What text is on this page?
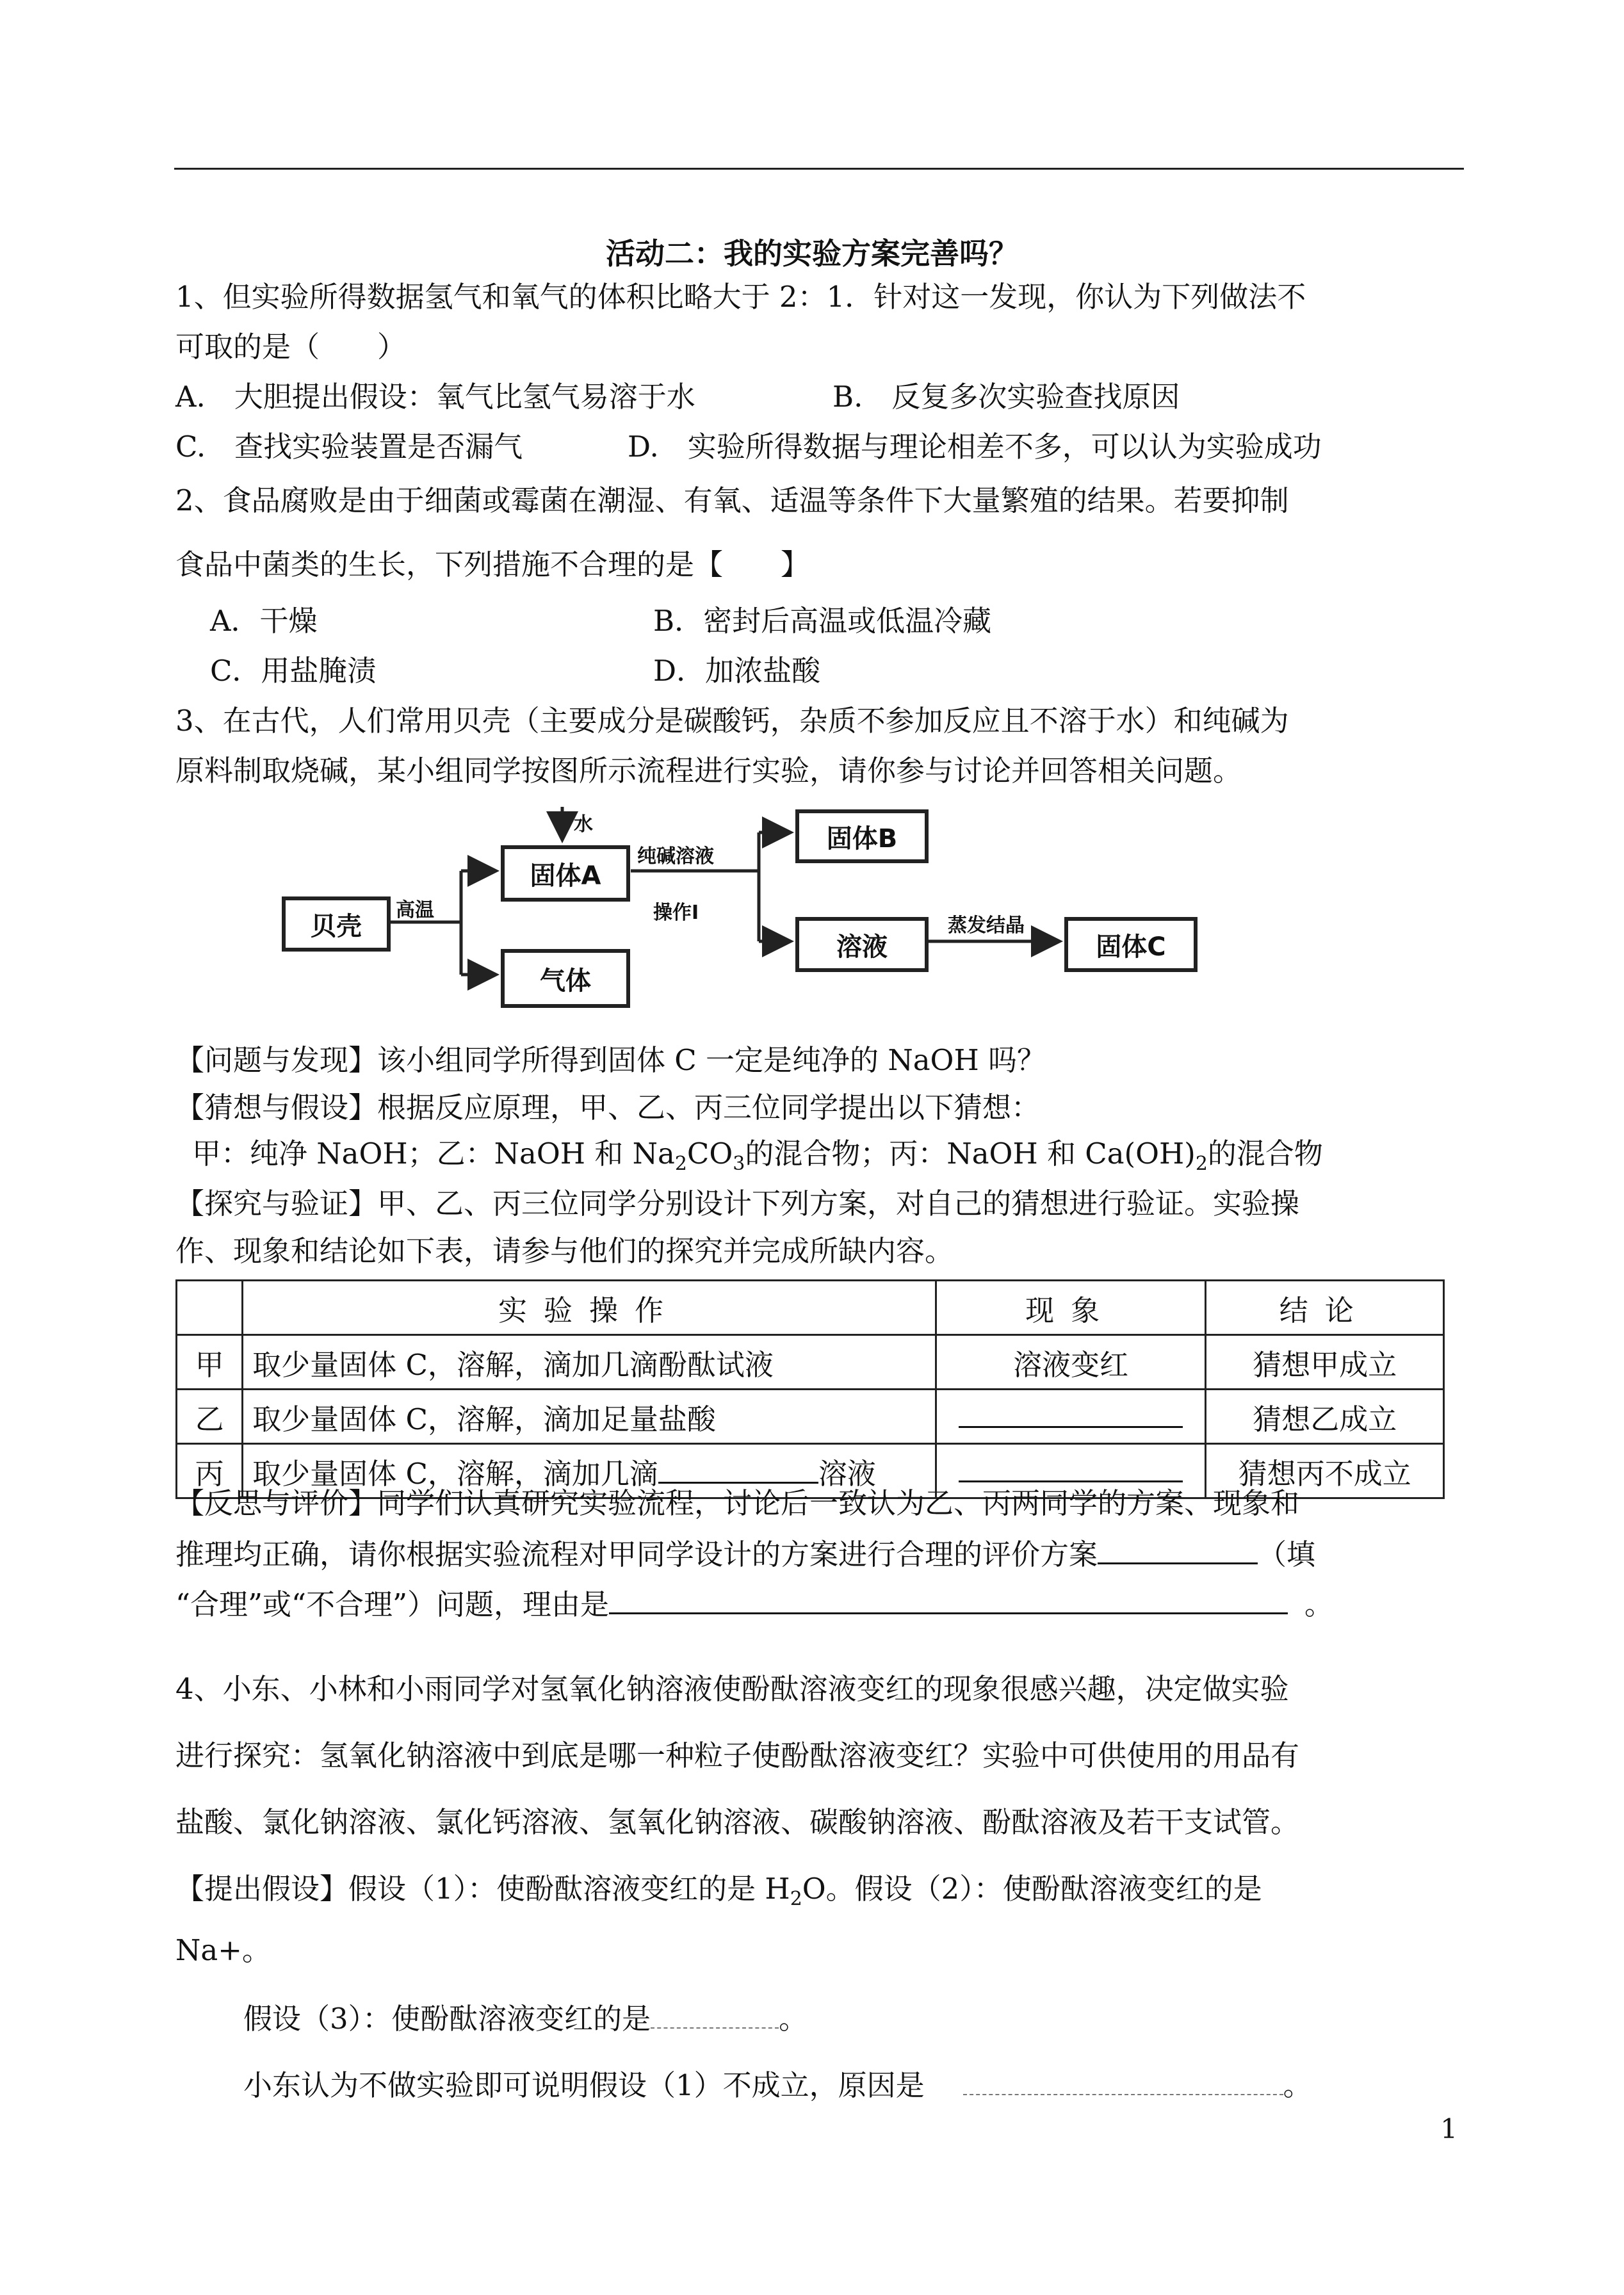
活动二：我的实验方案完善吗？
1、但实验所得数据氢气和氧气的体积比略大于 2：1．针对这一发现，你认为下列做法不
可取的是（　　）
A.　大胆提出假设：氧气比氢气易溶于水	B.　反复多次实验查找原因
C.　查找实验装置是否漏气	D.　实验所得数据与理论相差不多，可以认为实验成功
2、食品腐败是由于细菌或霉菌在潮湿、有氧、适温等条件下大量繁殖的结果。若要抑制
食品中菌类的生长，下列措施不合理的是【　　】
A．干燥	B．密封后高温或低温冷藏
C．用盐腌渍	D．加浓盐酸
3、在古代，人们常用贝壳（主要成分是碳酸钙，杂质不参加反应且不溶于水）和纯碱为
原料制取烧碱，某小组同学按图所示流程进行实验，请你参与讨论并回答相关问题。
贝壳
高温
固体A
水
气体
纯碱溶液
操作Ⅰ
固体B
溶液
蒸发结晶
固体C
【问题与发现】该小组同学所得到固体 C 一定是纯净的 NaOH 吗？
【猜想与假设】根据反应原理，甲、乙、丙三位同学提出以下猜想：
甲：纯净 NaOH；乙：NaOH 和 $Na_2CO_3$的混合物；丙：NaOH 和 $Ca(OH)_2$的混合物
【探究与验证】甲、乙、丙三位同学分别设计下列方案，对自己的猜想进行验证。实验操
作、现象和结论如下表，请参与他们的探究并完成所缺内容。
	实验操作	现象	结论
甲	取少量固体 C，溶解，滴加几滴酚酞试液	溶液变红	猜想甲成立
乙	取少量固体 C，溶解，滴加足量盐酸		猜想乙成立
丙	取少量固体 C，溶解，滴加几滴 溶液		猜想丙不成立
【反思与评价】同学们认真研究实验流程，讨论后一致认为乙、丙两同学的方案、现象和
推理均正确，请你根据实验流程对甲同学设计的方案进行合理的评价方案	（填
“合理”或“不合理”）问题，理由是	。
4、小东、小林和小雨同学对氢氧化钠溶液使酚酞溶液变红的现象很感兴趣，决定做实验
进行探究：氢氧化钠溶液中到底是哪一种粒子使酚酞溶液变红？实验中可供使用的用品有
盐酸、氯化钠溶液、氯化钙溶液、氢氧化钠溶液、碳酸钠溶液、酚酞溶液及若干支试管。
【提出假设】假设（1）：使酚酞溶液变红的是 $H_2O$。假设（2）：使酚酞溶液变红的是
Na+。
假设（3）：使酚酞溶液变红的是	。
小东认为不做实验即可说明假设（1）不成立，原因是	。
1
